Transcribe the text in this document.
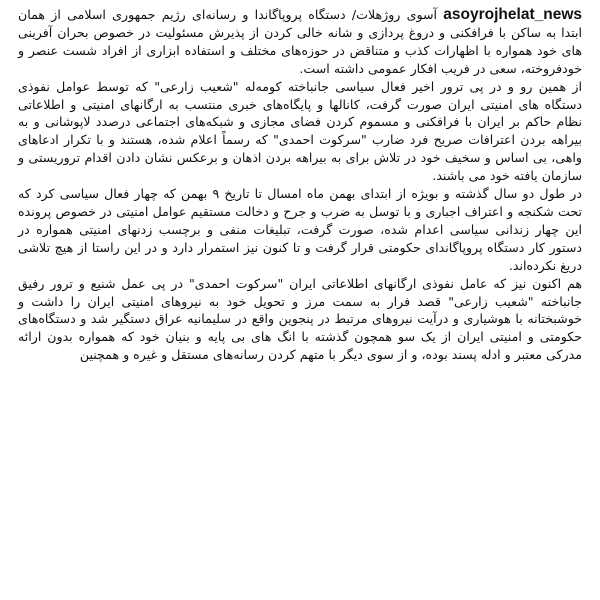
asoyrojhelat_news آسوی روژهلات/ دستگاه پروپاگاندا و رسانه‌ای رژیم جمهوری اسلامی از همان ابتدا به ساکن با فرافکنی و دروغ پردازی و شانه خالی کردن از پذیرش مسئولیت در خصوص بحران آفرینی های خود همواره با اظهارات کذب و متناقض در حوزه‌های مختلف و استفاده ابزاری از افراد شست عنصر و خودفروخته، سعی در فریب افکار عمومی داشته است.

از همین رو و در پی ترور اخیر فعال سیاسی جانباخته کومه‌له "شعیب زارعی" که توسط عوامل نفوذی دستگاه های امنیتی ایران صورت گرفت، کانالها و پایگاه‌های خبری منتسب به ارگانهای امنیتی و اطلاعاتی نظام حاکم بر ایران با فرافکنی و مسموم کردن فضای مجازی و شبکه‌های اجتماعی درصدد لاپوشانی و به بیراهه بردن اعترافات صریح فرد ضارب "سرکوت احمدی" که رسماً اعلام شده، هستند و با تکرار ادعاهای واهی، بی اساس و سخیف خود در تلاش برای به بیراهه بردن اذهان و برعکس نشان دادن اقدام تروریستی و سازمان یافته خود می باشند.

در طول دو سال گذشته و بویژه از ابتدای بهمن ماه امسال تا تاریخ ۹ بهمن که چهار فعال سیاسی کرد که تحت شکنجه و اعتراف اجباری و با توسل به ضرب و جرح و دخالت مستقیم عوامل امنیتی در خصوص پرونده این چهار زندانی سیاسی اعدام شده، صورت گرفت، تبلیغات منفی و برچسب زدنهای امنیتی همواره در دستور کار دستگاه پروپاگاندای حکومتی قرار گرفت و تا کنون نیز استمرار دارد و در این راستا از هیچ تلاشی دریغ نکرده‌اند.

هم اکنون نیز که عامل نفوذی ارگانهای اطلاعاتی ایران "سرکوت احمدی" در پی عمل شنیع و ترور رفیق جانباخته "شعیب زارعی" قصد فرار به سمت مرز و تحویل خود به نیروهای امنیتی ایران را داشت و خوشبختانه با هوشیاری و درآیت نیروهای مرتبط در پنجوین واقع در سلیمانیه عراق دستگیر شد و دستگاه‌های حکومتی و امنیتی ایران از یک سو همچون گذشته با انگ های بی پایه و بنیان خود که همواره بدون ارائه مدرکی معتبر و ادله پسند بوده، و از سوی دیگر با متهم کردن رسانه‌های مستقل و غیره و همچنین
